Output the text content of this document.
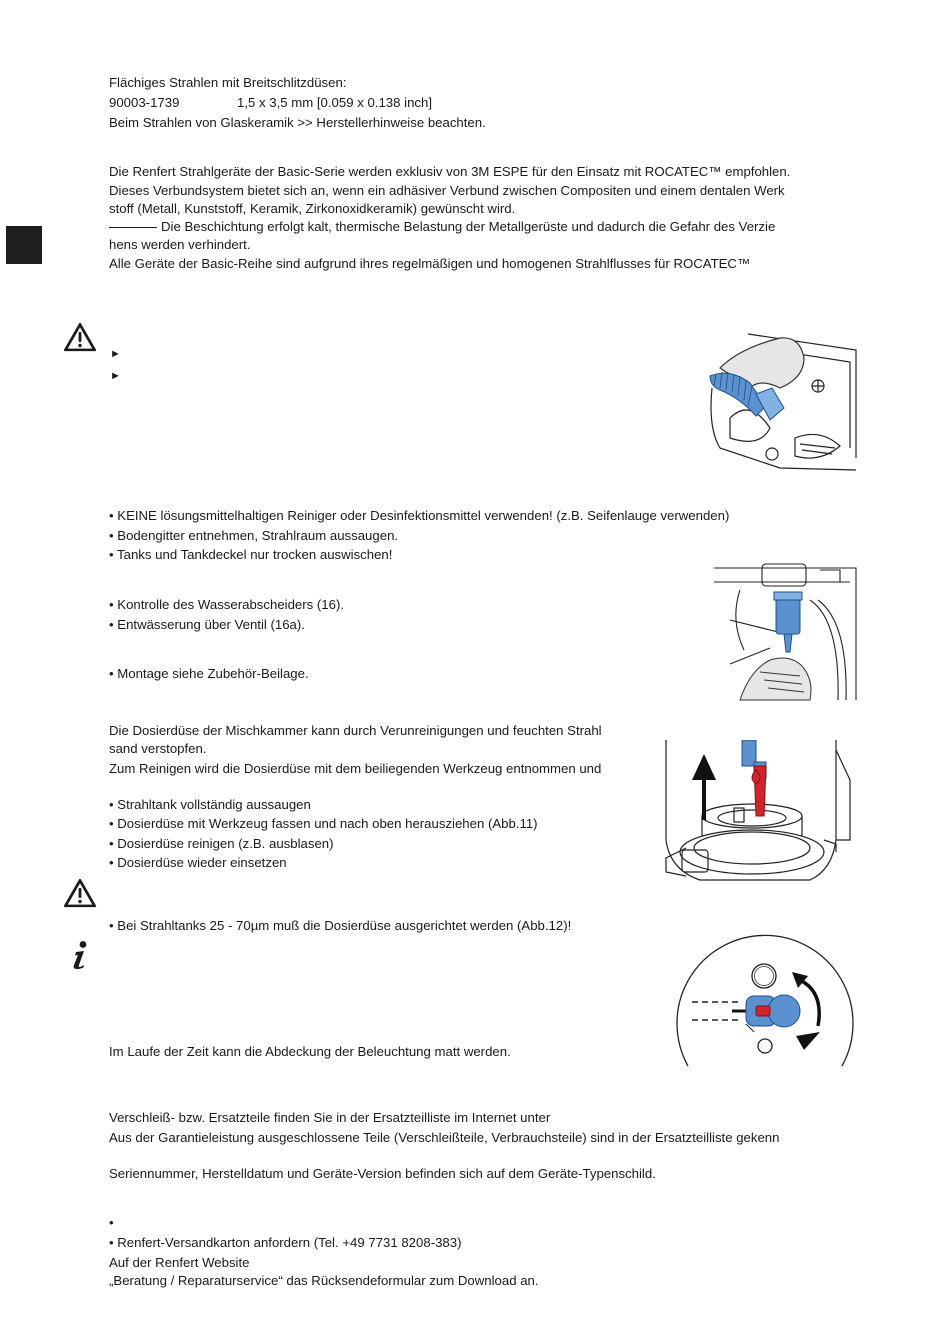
Flächiges Strahlen mit Breitschlitzdüsen:
90003-1739	1,5 x 3,5 mm [0.059 x 0.138 inch]
Beim Strahlen von Glaskeramik >> Herstellerhinweise beachten.
Die Renfert Strahlgeräte der Basic-Serie werden exklusiv von 3M ESPE für den Einsatz mit ROCATEC™ empfohlen.
Dieses Verbundsystem bietet sich an, wenn ein adhäsiver Verbund zwischen Compositen und einem dentalen Werk
stoff (Metall, Kunststoff, Keramik, Zirkonoxidkeramik) gewünscht wird.
Die Beschichtung erfolgt kalt, thermische Belastung der Metallgerüste und dadurch die Gefahr des Verzie
hens werden verhindert.
Alle Geräte der Basic-Reihe sind aufgrund ihres regelmäßigen und homogenen Strahlflusses für ROCATEC™
►
►
• KEINE lösungsmittelhaltigen Reiniger oder Desinfektionsmittel verwenden! (z.B. Seifenlauge verwenden)
• Bodengitter entnehmen, Strahlraum aussaugen.
• Tanks und Tankdeckel nur trocken auswischen!
• Kontrolle des Wasserabscheiders (16).
• Entwässerung über Ventil (16a).
• Montage siehe Zubehör-Beilage.
Die Dosierdüse der Mischkammer kann durch Verunreinigungen und feuchten Strahl
sand verstopfen.
Zum Reinigen wird die Dosierdüse mit dem beiliegenden Werkzeug entnommen und
• Strahltank vollständig aussaugen
• Dosierdüse mit Werkzeug fassen und nach oben herausziehen (Abb.11)
• Dosierdüse reinigen (z.B. ausblasen)
• Dosierdüse wieder einsetzen
• Bei Strahltanks 25 - 70µm muß die Dosierdüse ausgerichtet werden (Abb.12)!
Im Laufe der Zeit kann die Abdeckung der Beleuchtung matt werden.
Verschleiß- bzw. Ersatzteile finden Sie in der Ersatzteilliste im Internet unter
Aus der Garantieleistung ausgeschlossene Teile (Verschleißteile, Verbrauchsteile) sind in der Ersatzteilliste gekenn
Seriennummer, Herstelldatum und Geräte-Version befinden sich auf dem Geräte-Typenschild.
•
• Renfert-Versandkarton anfordern (Tel. +49 7731 8208-383)
Auf der Renfert Website
„Beratung / Reparaturservice“ das Rücksendeformular zum Download an.
